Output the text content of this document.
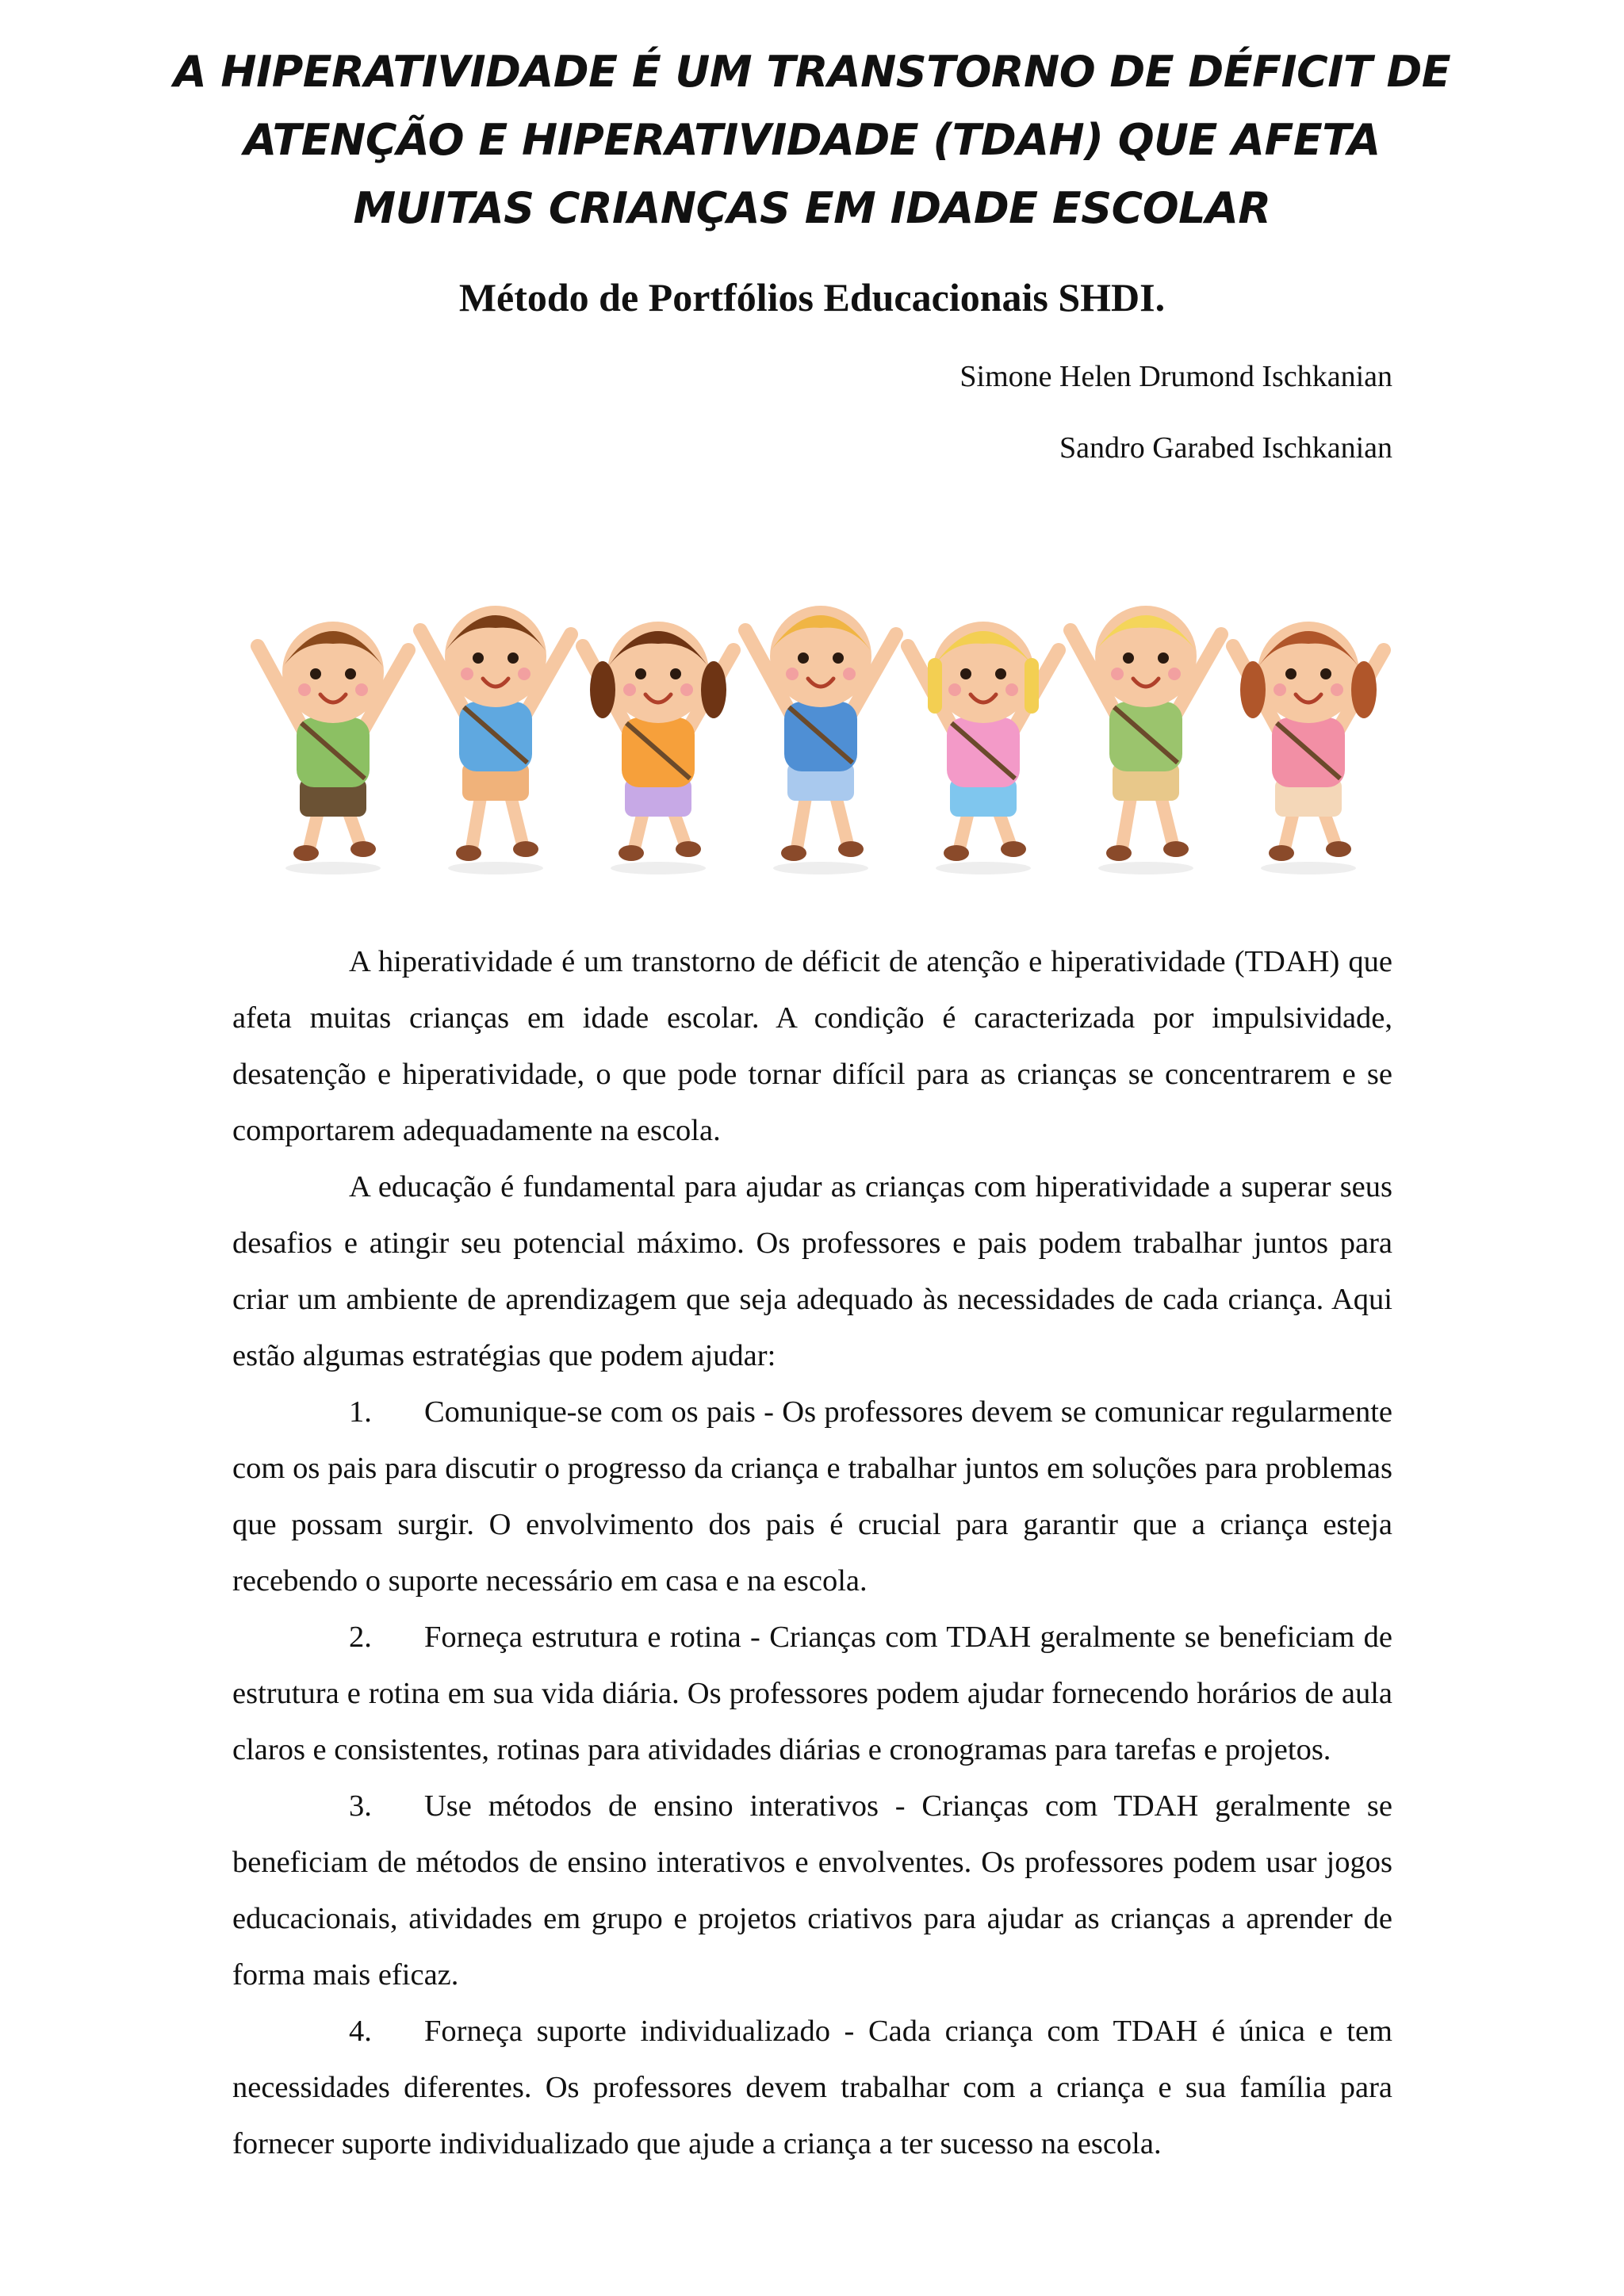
A HIPERATIVIDADE É UM TRANSTORNO DE DÉFICIT DE
ATENÇÃO E HIPERATIVIDADE (TDAH) QUE AFETA
MUITAS CRIANÇAS EM IDADE ESCOLAR
Método de Portfólios Educacionais SHDI.
Simone Helen Drumond Ischkanian
Sandro Garabed Ischkanian

A hiperatividade é um transtorno de déficit de atenção e hiperatividade (TDAH) que afeta muitas crianças em idade escolar. A condição é caracterizada por impulsividade, desatenção e hiperatividade, o que pode tornar difícil para as crianças se concentrarem e se comportarem adequadamente na escola.

A educação é fundamental para ajudar as crianças com hiperatividade a superar seus desafios e atingir seu potencial máximo. Os professores e pais podem trabalhar juntos para criar um ambiente de aprendizagem que seja adequado às necessidades de cada criança. Aqui estão algumas estratégias que podem ajudar:

1. Comunique-se com os pais - Os professores devem se comunicar regularmente com os pais para discutir o progresso da criança e trabalhar juntos em soluções para problemas que possam surgir. O envolvimento dos pais é crucial para garantir que a criança esteja recebendo o suporte necessário em casa e na escola.
2. Forneça estrutura e rotina - Crianças com TDAH geralmente se beneficiam de estrutura e rotina em sua vida diária. Os professores podem ajudar fornecendo horários de aula claros e consistentes, rotinas para atividades diárias e cronogramas para tarefas e projetos.
3. Use métodos de ensino interativos - Crianças com TDAH geralmente se beneficiam de métodos de ensino interativos e envolventes. Os professores podem usar jogos educacionais, atividades em grupo e projetos criativos para ajudar as crianças a aprender de forma mais eficaz.
4. Forneça suporte individualizado - Cada criança com TDAH é única e tem necessidades diferentes. Os professores devem trabalhar com a criança e sua família para fornecer suporte individualizado que ajude a criança a ter sucesso na escola.
